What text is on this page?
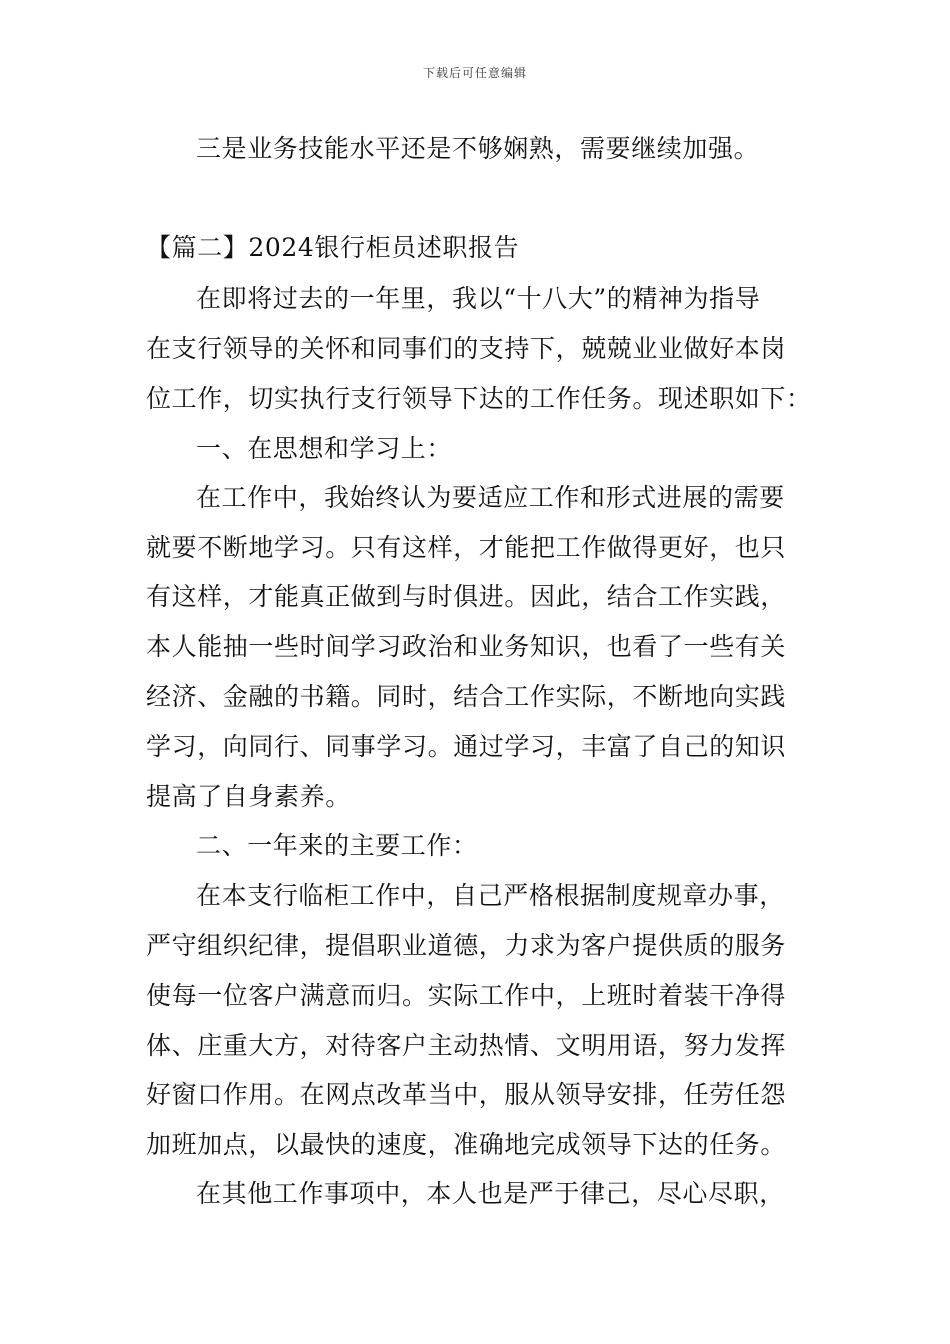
下载后可任意编辑
三是业务技能水平还是不够娴熟，需要继续加强。
【篇二】2024银行柜员述职报告
在即将过去的一年里，我以“十八大”的精神为指导
在支行领导的关怀和同事们的支持下，兢兢业业做好本岗
位工作，切实执行支行领导下达的工作任务。现述职如下：
一、在思想和学习上：
在工作中，我始终认为要适应工作和形式进展的需要
就要不断地学习。只有这样，才能把工作做得更好，也只
有这样，才能真正做到与时俱进。因此，结合工作实践，
本人能抽一些时间学习政治和业务知识，也看了一些有关
经济、金融的书籍。同时，结合工作实际，不断地向实践
学习，向同行、同事学习。通过学习，丰富了自己的知识
提高了自身素养。
二、一年来的主要工作：
在本支行临柜工作中，自己严格根据制度规章办事，
严守组织纪律，提倡职业道德，力求为客户提供质的服务
使每一位客户满意而归。实际工作中，上班时着装干净得
体、庄重大方，对待客户主动热情、文明用语，努力发挥
好窗口作用。在网点改革当中，服从领导安排，任劳任怨
加班加点，以最快的速度，准确地完成领导下达的任务。
在其他工作事项中，本人也是严于律己，尽心尽职，
